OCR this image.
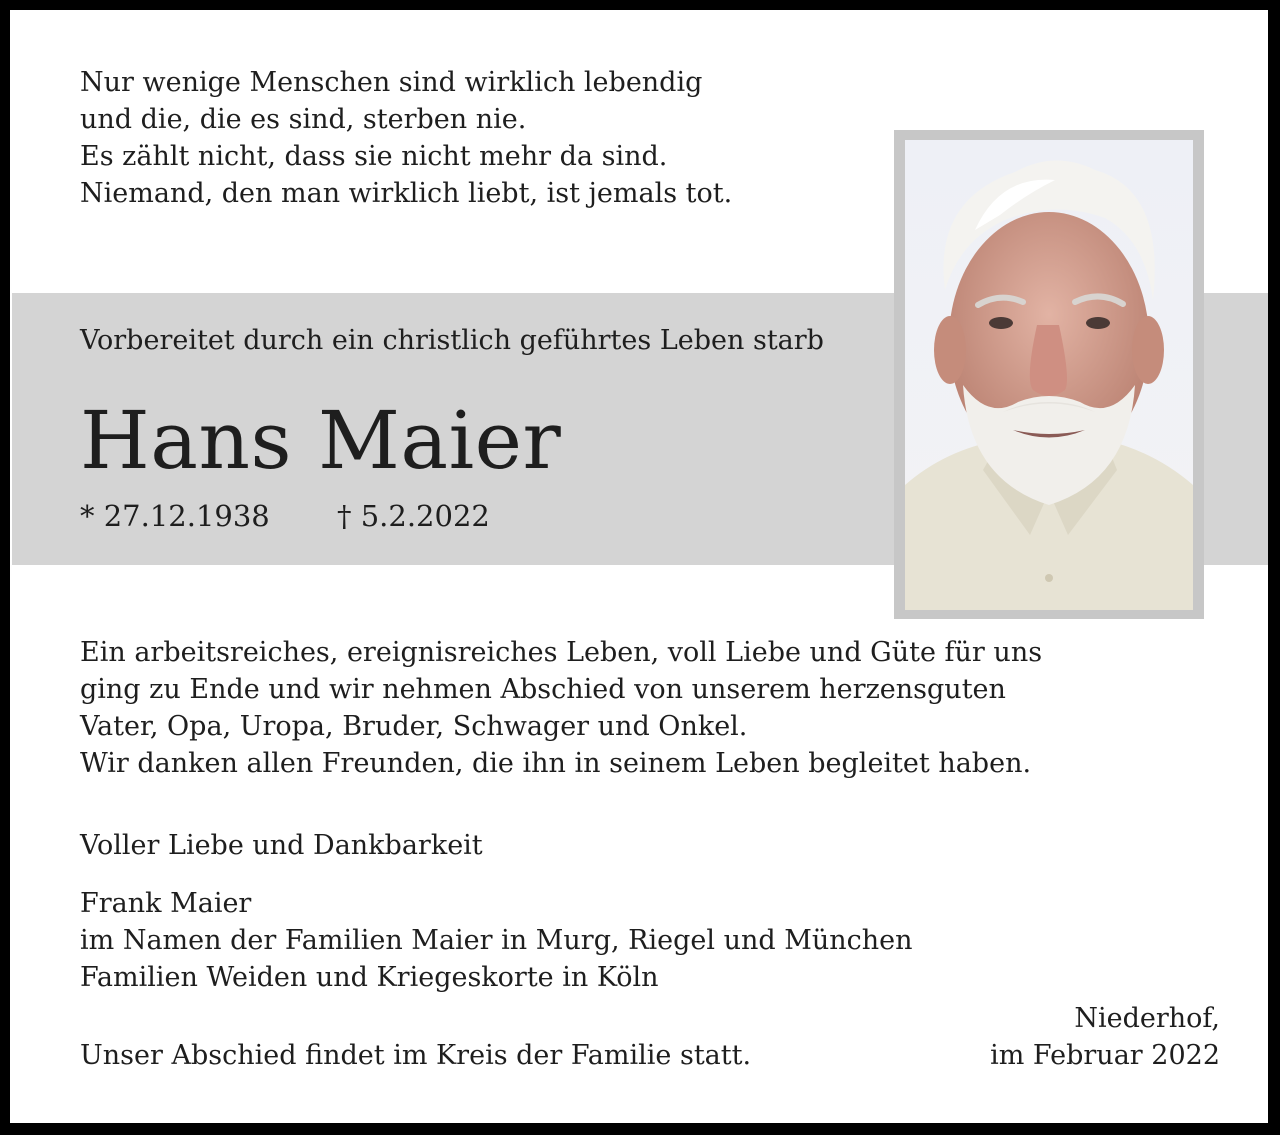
Nur wenige Menschen sind wirklich lebendig
und die, die es sind, sterben nie.
Es zählt nicht, dass sie nicht mehr da sind.
Niemand, den man wirklich liebt, ist jemals tot.

Vorbereitet durch ein christlich geführtes Leben starb

Hans Maier

* 27.12.1938 † 5.2.2022

Ein arbeitsreiches, ereignisreiches Leben, voll Liebe und Güte für uns
ging zu Ende und wir nehmen Abschied von unserem herzensguten
Vater, Opa, Uropa, Bruder, Schwager und Onkel.
Wir danken allen Freunden, die ihn in seinem Leben begleitet haben.

Voller Liebe und Dankbarkeit

Frank Maier
im Namen der Familien Maier in Murg, Riegel und München
Familien Weiden und Kriegeskorte in Köln

Unser Abschied findet im Kreis der Familie statt.

Niederhof,
im Februar 2022
